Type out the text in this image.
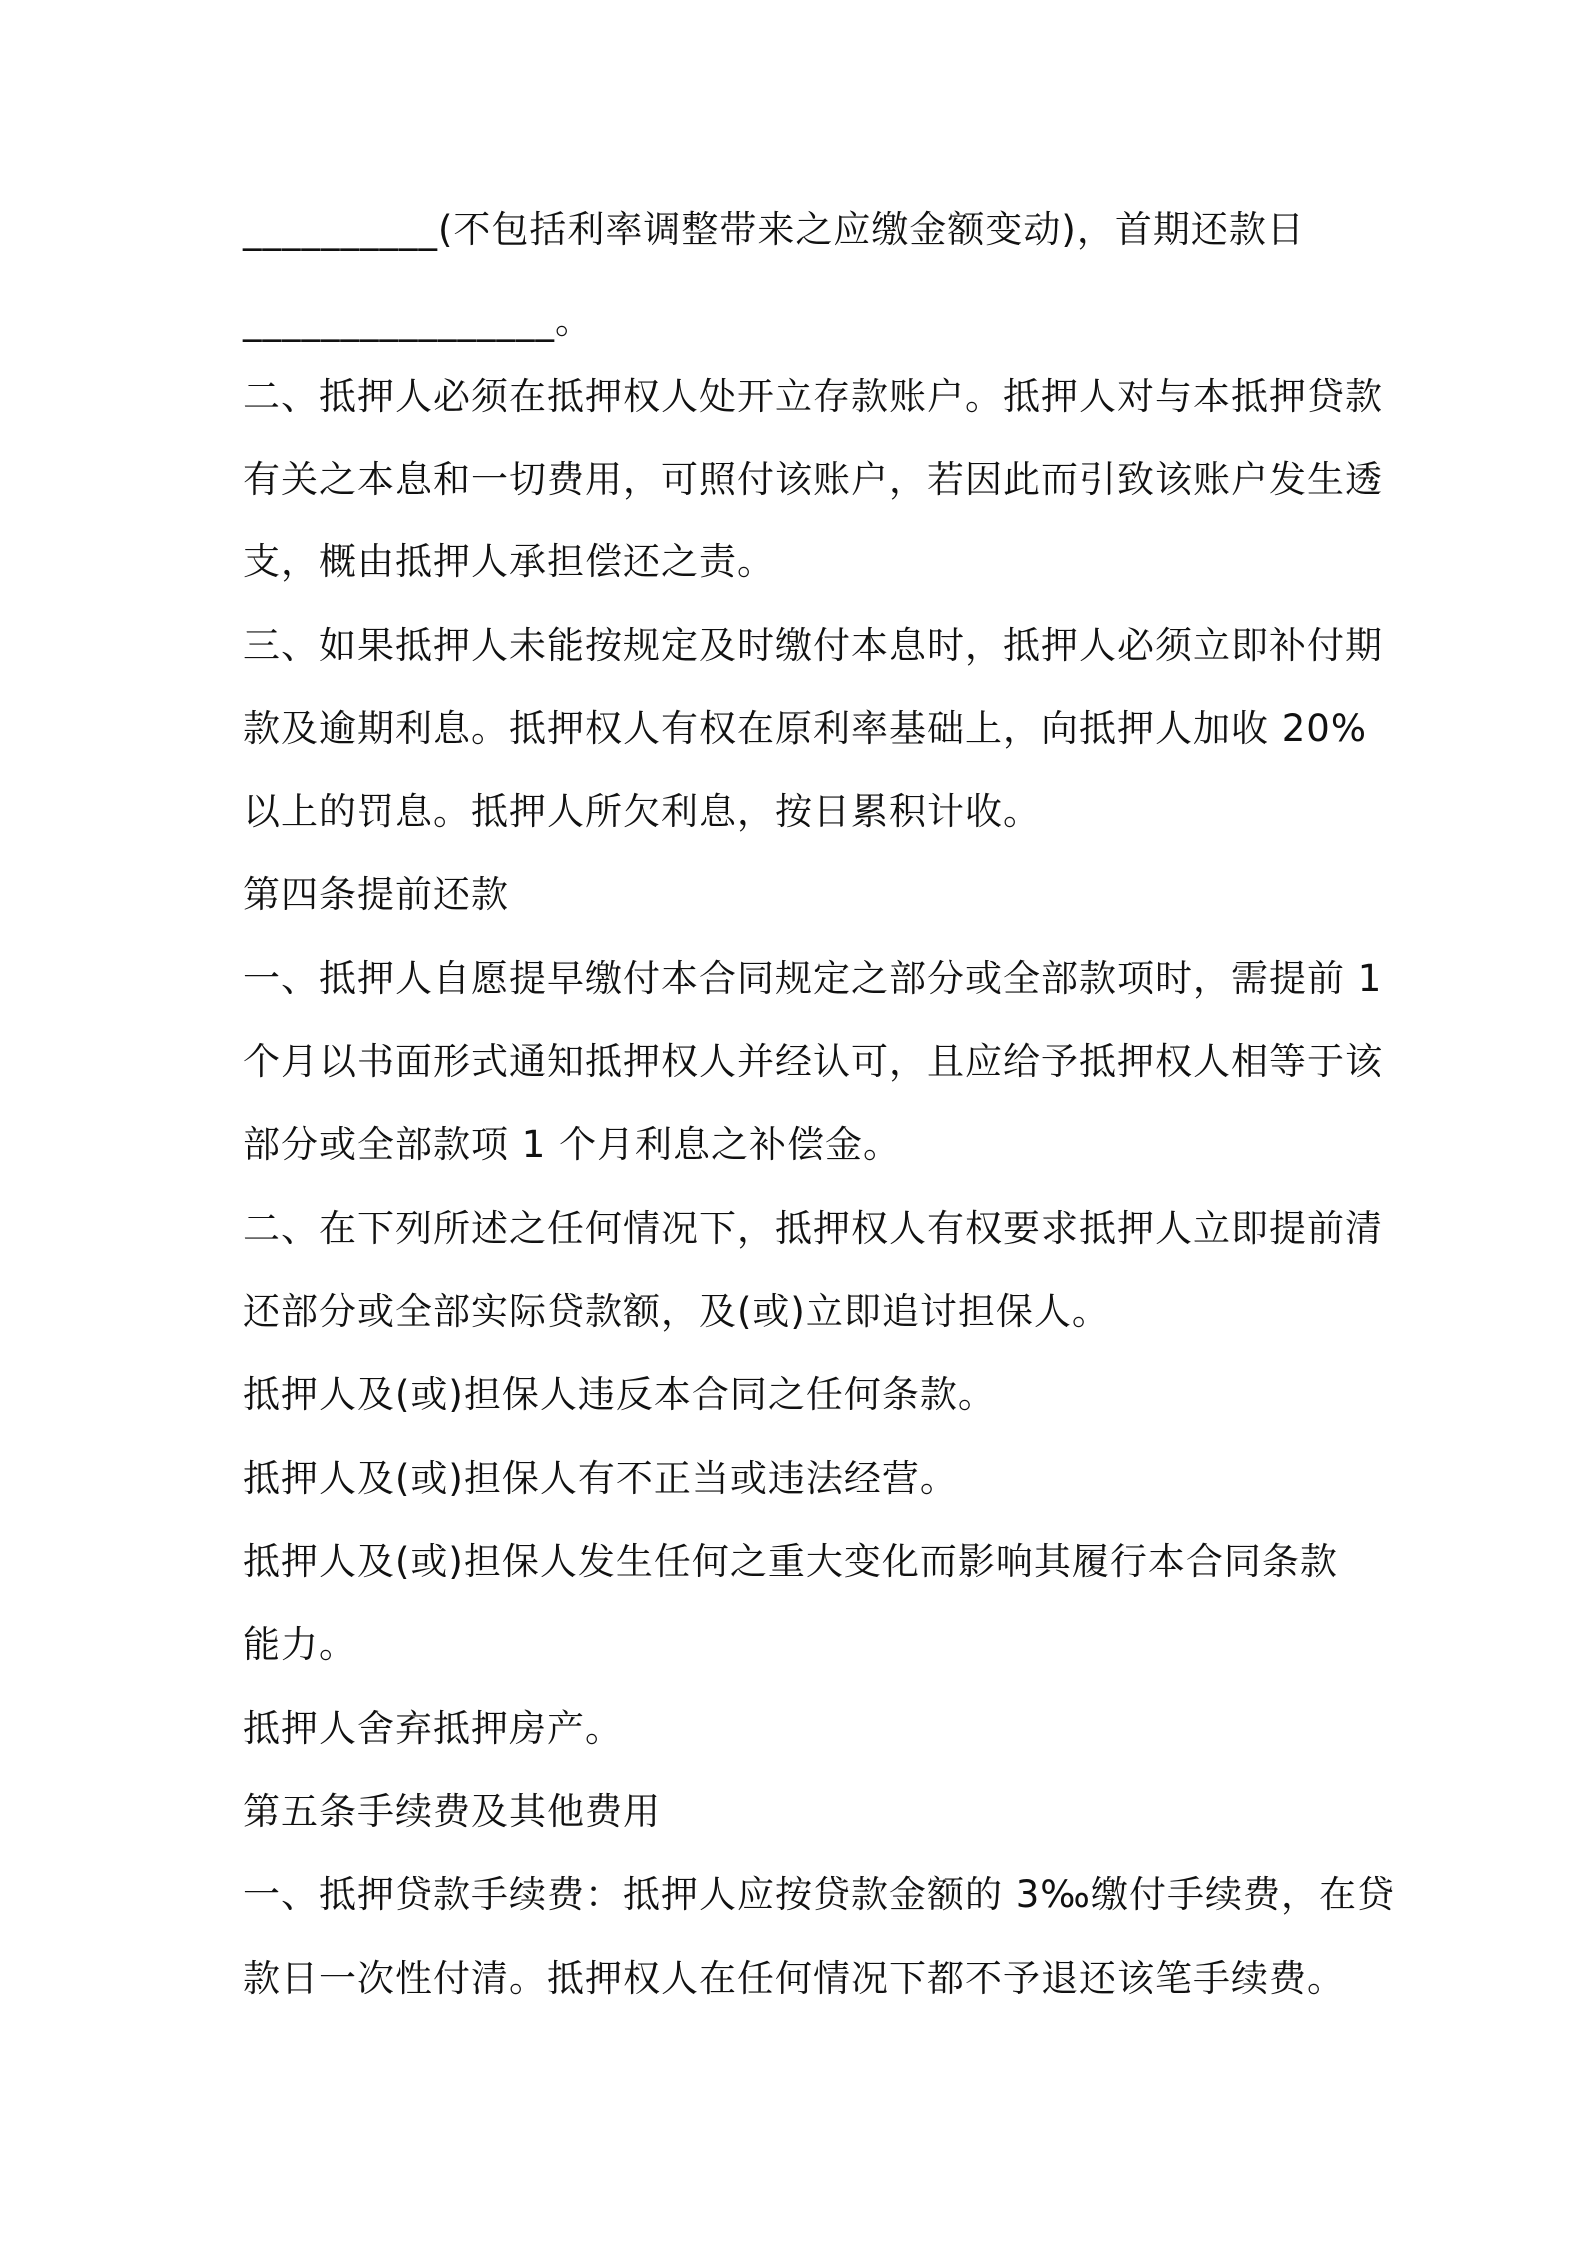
__________(不包括利率调整带来之应缴金额变动)，首期还款日
________________。
二、抵押人必须在抵押权人处开立存款账户。抵押人对与本抵押贷款
有关之本息和一切费用，可照付该账户，若因此而引致该账户发生透
支，概由抵押人承担偿还之责。
三、如果抵押人未能按规定及时缴付本息时，抵押人必须立即补付期
款及逾期利息。抵押权人有权在原利率基础上，向抵押人加收 20%
以上的罚息。抵押人所欠利息，按日累积计收。
第四条提前还款
一、抵押人自愿提早缴付本合同规定之部分或全部款项时，需提前 1
个月以书面形式通知抵押权人并经认可，且应给予抵押权人相等于该
部分或全部款项 1 个月利息之补偿金。
二、在下列所述之任何情况下，抵押权人有权要求抵押人立即提前清
还部分或全部实际贷款额，及(或)立即追讨担保人。
抵押人及(或)担保人违反本合同之任何条款。
抵押人及(或)担保人有不正当或违法经营。
抵押人及(或)担保人发生任何之重大变化而影响其履行本合同条款
能力。
抵押人舍弃抵押房产。
第五条手续费及其他费用
一、抵押贷款手续费：抵押人应按贷款金额的 3‰缴付手续费，在贷
款日一次性付清。抵押权人在任何情况下都不予退还该笔手续费。
